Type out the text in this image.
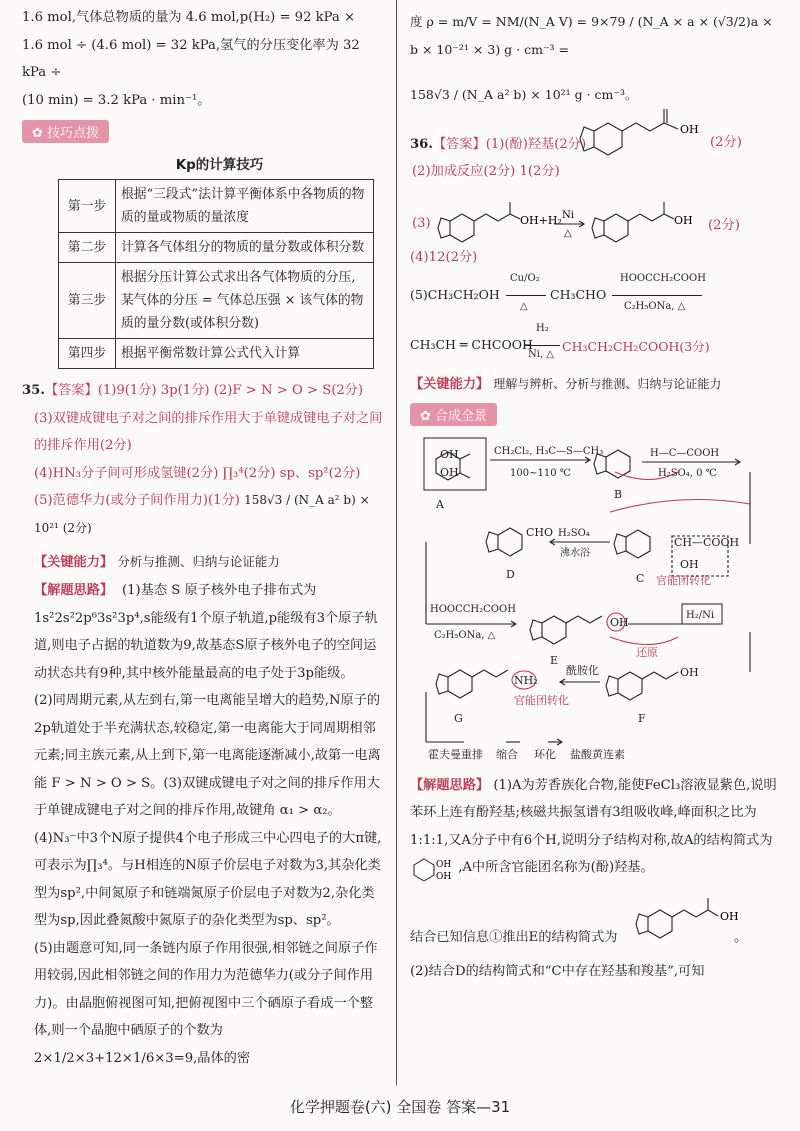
1.6 mol,气体总物质的量为 4.6 mol,p(H₂) = 92 kPa ×

1.6 mol ÷ (4.6 mol) = 32 kPa,氢气的分压变化率为 32 kPa ÷

(10 min) = 3.2 kPa · min⁻¹。

✿ 技巧点拨
Kp的计算技巧
第一步	根据“三段式”法计算平衡体系中各物质的物质的量或物质的量浓度
第二步	计算各气体组分的物质的量分数或体积分数
第三步	根据分压计算公式求出各气体物质的分压,某气体的分压 = 气体总压强 × 该气体的物质的量分数(或体积分数)
第四步	根据平衡常数计算公式代入计算

35.【答案】(1)9(1分) 3p(1分) (2)F > N > O > S(2分)

(3)双键成键电子对之间的排斥作用大于单键成键电子对之间的排斥作用(2分)

(4)HN₃分子间可形成氢键(2分) ∏₃⁴(2分) sp、sp²(2分)

(5)范德华力(或分子间作用力)(1分) 158√3 / (N_A a² b) × 10²¹ (2分)

【关键能力】 分析与推测、归纳与论证能力

【解题思路】 (1)基态 S 原子核外电子排布式为 1s²2s²2p⁶3s²3p⁴,s能级有1个原子轨道,p能级有3个原子轨道,则电子占据的轨道数为9,故基态S原子核外电子的空间运动状态共有9种,其中核外能量最高的电子处于3p能级。

(2)同周期元素,从左到右,第一电离能呈增大的趋势,N原子的2p轨道处于半充满状态,较稳定,第一电离能大于同周期相邻元素;同主族元素,从上到下,第一电离能逐渐减小,故第一电离能 F > N > O > S。(3)双键成键电子对之间的排斥作用大于单键成键电子对之间的排斥作用,故键角 α₁ > α₂。

(4)N₃⁻中3个N原子提供4个电子形成三中心四电子的大π键,可表示为∏₃⁴。与H相连的N原子价层电子对数为3,其杂化类型为sp²,中间氮原子和链端氮原子价层电子对数为2,杂化类型为sp,因此叠氮酸中氮原子的杂化类型为sp、sp²。

(5)由题意可知,同一条链内原子作用很强,相邻链之间原子作用较弱,因此相邻链之间的作用力为范德华力(或分子间作用力)。由晶胞俯视图可知,把俯视图中三个硒原子看成一个整体,则一个晶胞中硒原子的个数为 2×1/2×3+12×1/6×3=9,晶体的密

度 ρ = m/V = NM/(N_A V) = 9×79 / (N_A × a × (√3/2)a × b × 10⁻²¹ × 3) g · cm⁻³ =

158√3 / (N_A a² b) × 10²¹ g · cm⁻³。

36.【答案】(1)(酚)羟基(2分)

OH
(2分)

(2)加成反应(2分) 1(2分)

(3)	OH+H₂ Ni
△
OH (2分)

(4)12(2分)

(5)CH₃CH₂OH
Cu/O₂
△
CH₃CHO
HOOCCH₂COOH
C₂H₅ONa, △
CH₃CH ═ CHCOOH
H₂
Ni, △
CH₃CH₂CH₂COOH(3分)

【关键能力】 理解与辨析、分析与推测、归纳与论证能力

✿ 合成全景
OH
OH
A
CH₂Cl₂, H₃C—S—CH₃
100~110 ℃
B
H—C—COOH
H₂SO₄, 0 ℃
CH—COOH
OH
C
H₂SO₄
沸水浴
CHO
D	官能团转化
HOOCCH₂COOH
C₂H₅ONa, △
OH
E
H₂/Ni
还原
OH
F
酰胺化
NH₂
官能团转化
G
霍夫曼重排 缩合 环化 盐酸黄连素

【解题思路】 (1)A为芳香族化合物,能使FeCl₃溶液显紫色,说明苯环上连有酚羟基;核磁共振氢谱有3组吸收峰,峰面积之比为1:1:1,又A分子中有6个H,说明分子结构对称,故A的结构简式为
OH
OH
,A中所含官能团名称为(酚)羟基。

结合已知信息①推出E的结构简式为
OH
。

(2)结合D的结构简式和“C中存在羟基和羧基”,可知

化学押题卷(六) 全国卷 答案—31
